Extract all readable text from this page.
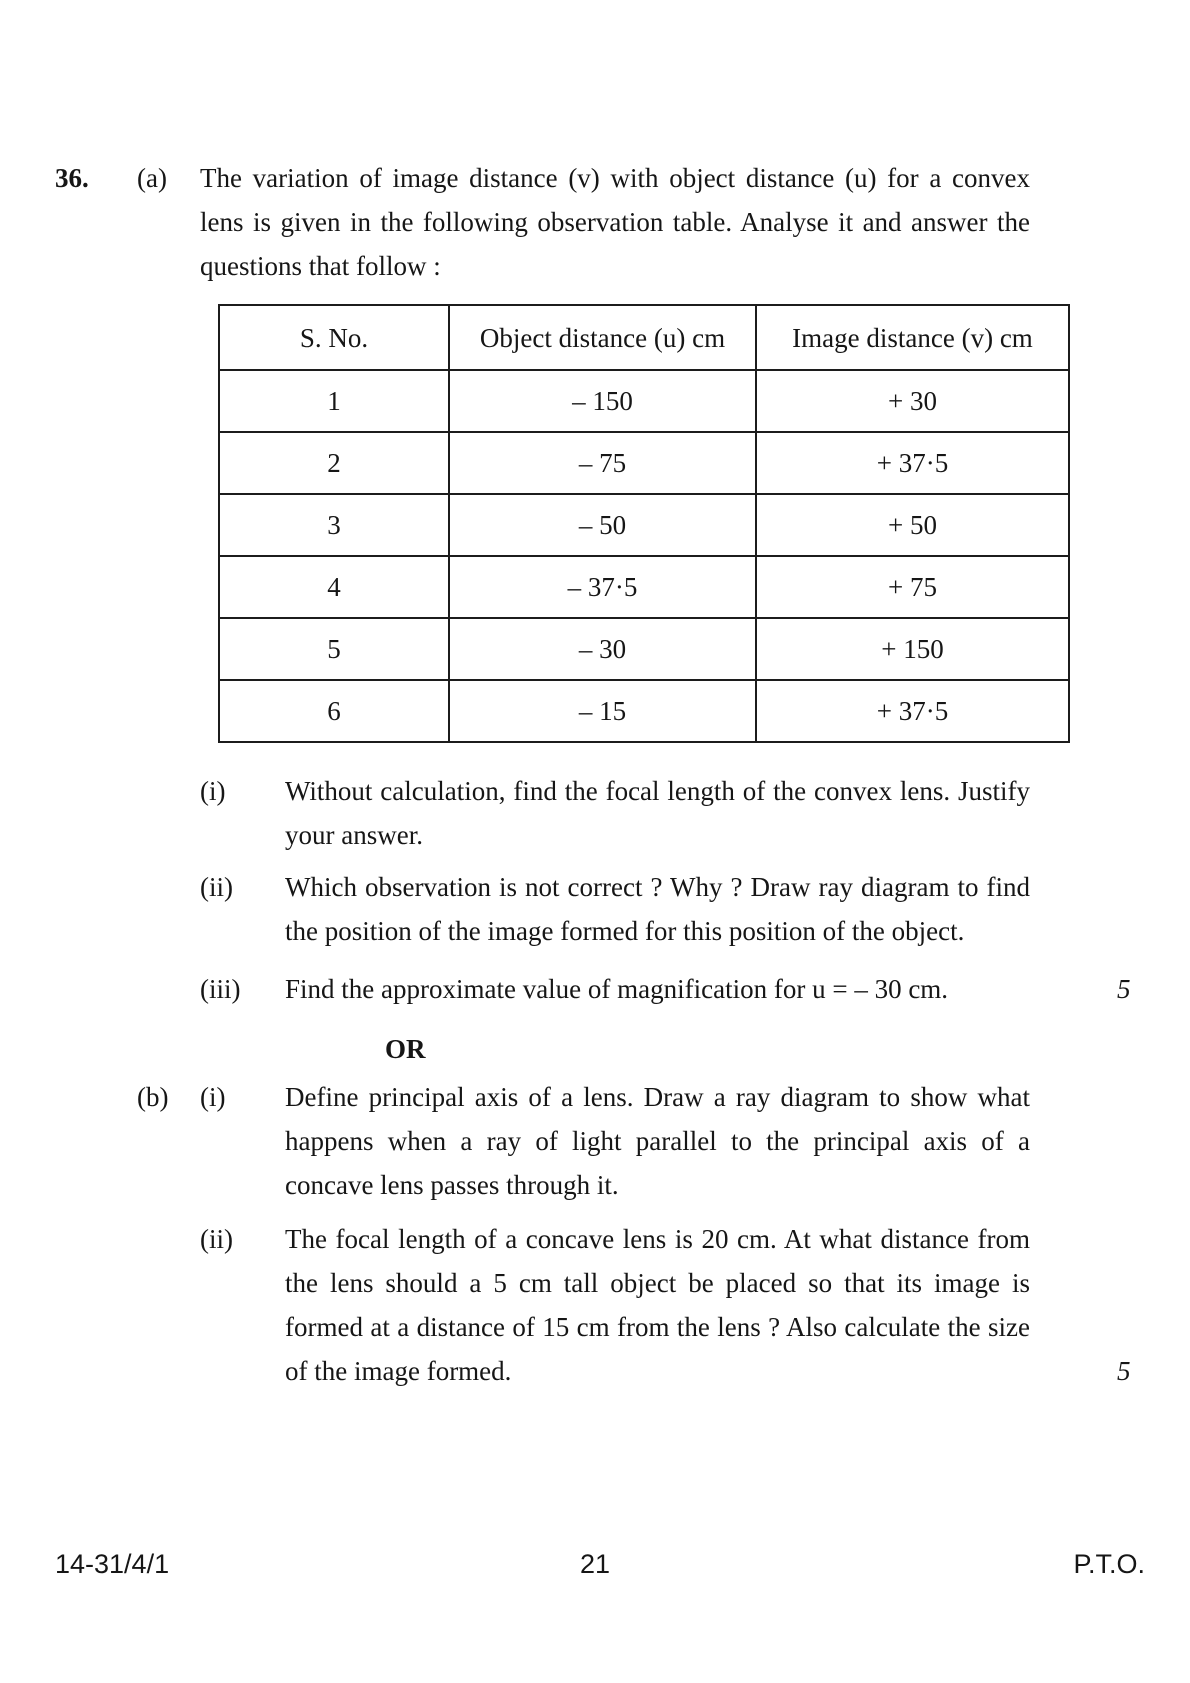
36.	(a)	The variation of image distance (v) with object distance (u) for a convex lens is given in the following observation table. Analyse it and answer the questions that follow :
S. No.	Object distance (u) cm	Image distance (v) cm
1	– 150	+ 30
2	– 75	+ 37·5
3	– 50	+ 50
4	– 37·5	+ 75
5	– 30	+ 150
6	– 15	+ 37·5
(i)	Without calculation, find the focal length of the convex lens. Justify your answer.
(ii)	Which observation is not correct ? Why ? Draw ray diagram to find the position of the image formed for this position of the object.
(iii)	Find the approximate value of magnification for u = – 30 cm.	5
OR
(b)	(i)	Define principal axis of a lens. Draw a ray diagram to show what happens when a ray of light parallel to the principal axis of a concave lens passes through it.
(ii)	The focal length of a concave lens is 20 cm. At what distance from the lens should a 5 cm tall object be placed so that its image is formed at a distance of 15 cm from the lens ? Also calculate the size of the image formed.	5
14-31/4/1	21	P.T.O.
